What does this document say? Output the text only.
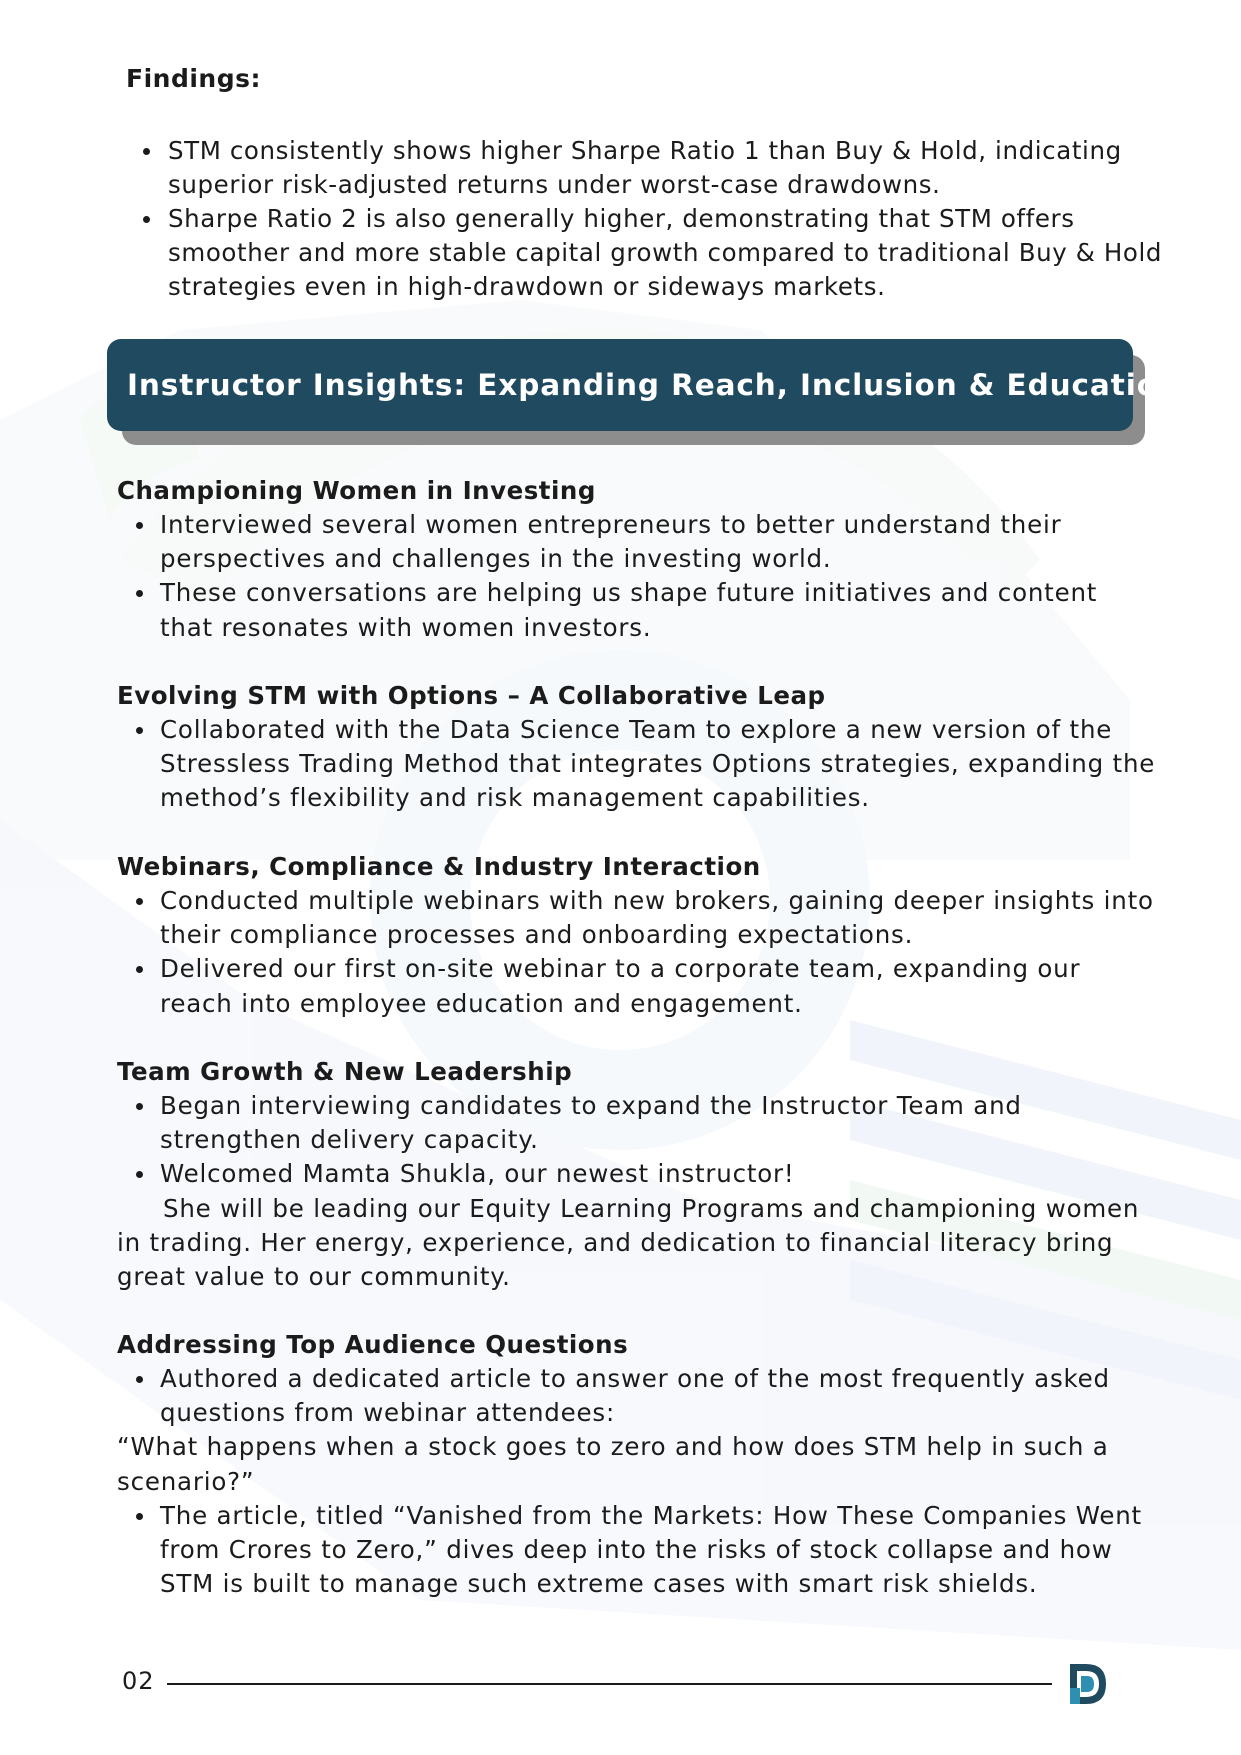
Findings:
STM consistently shows higher Sharpe Ratio 1 than Buy & Hold, indicating superior risk-adjusted returns under worst-case drawdowns.
Sharpe Ratio 2 is also generally higher, demonstrating that STM offers smoother and more stable capital growth compared to traditional Buy & Hold strategies even in high-drawdown or sideways markets.
Instructor Insights: Expanding Reach, Inclusion & Education
Championing Women in Investing
Interviewed several women entrepreneurs to better understand their perspectives and challenges in the investing world.
These conversations are helping us shape future initiatives and content that resonates with women investors.
Evolving STM with Options – A Collaborative Leap
Collaborated with the Data Science Team to explore a new version of the Stressless Trading Method that integrates Options strategies, expanding the method’s flexibility and risk management capabilities.
Webinars, Compliance & Industry Interaction
Conducted multiple webinars with new brokers, gaining deeper insights into their compliance processes and onboarding expectations.
Delivered our first on-site webinar to a corporate team, expanding our reach into employee education and engagement.
Team Growth & New Leadership
Began interviewing candidates to expand the Instructor Team and strengthen delivery capacity.
Welcomed Mamta Shukla, our newest instructor!
She will be leading our Equity Learning Programs and championing women in trading. Her energy, experience, and dedication to financial literacy bring great value to our community.
Addressing Top Audience Questions
Authored a dedicated article to answer one of the most frequently asked questions from webinar attendees:
“What happens when a stock goes to zero and how does STM help in such a scenario?”
The article, titled “Vanished from the Markets: How These Companies Went from Crores to Zero,” dives deep into the risks of stock collapse and how STM is built to manage such extreme cases with smart risk shields.
02
